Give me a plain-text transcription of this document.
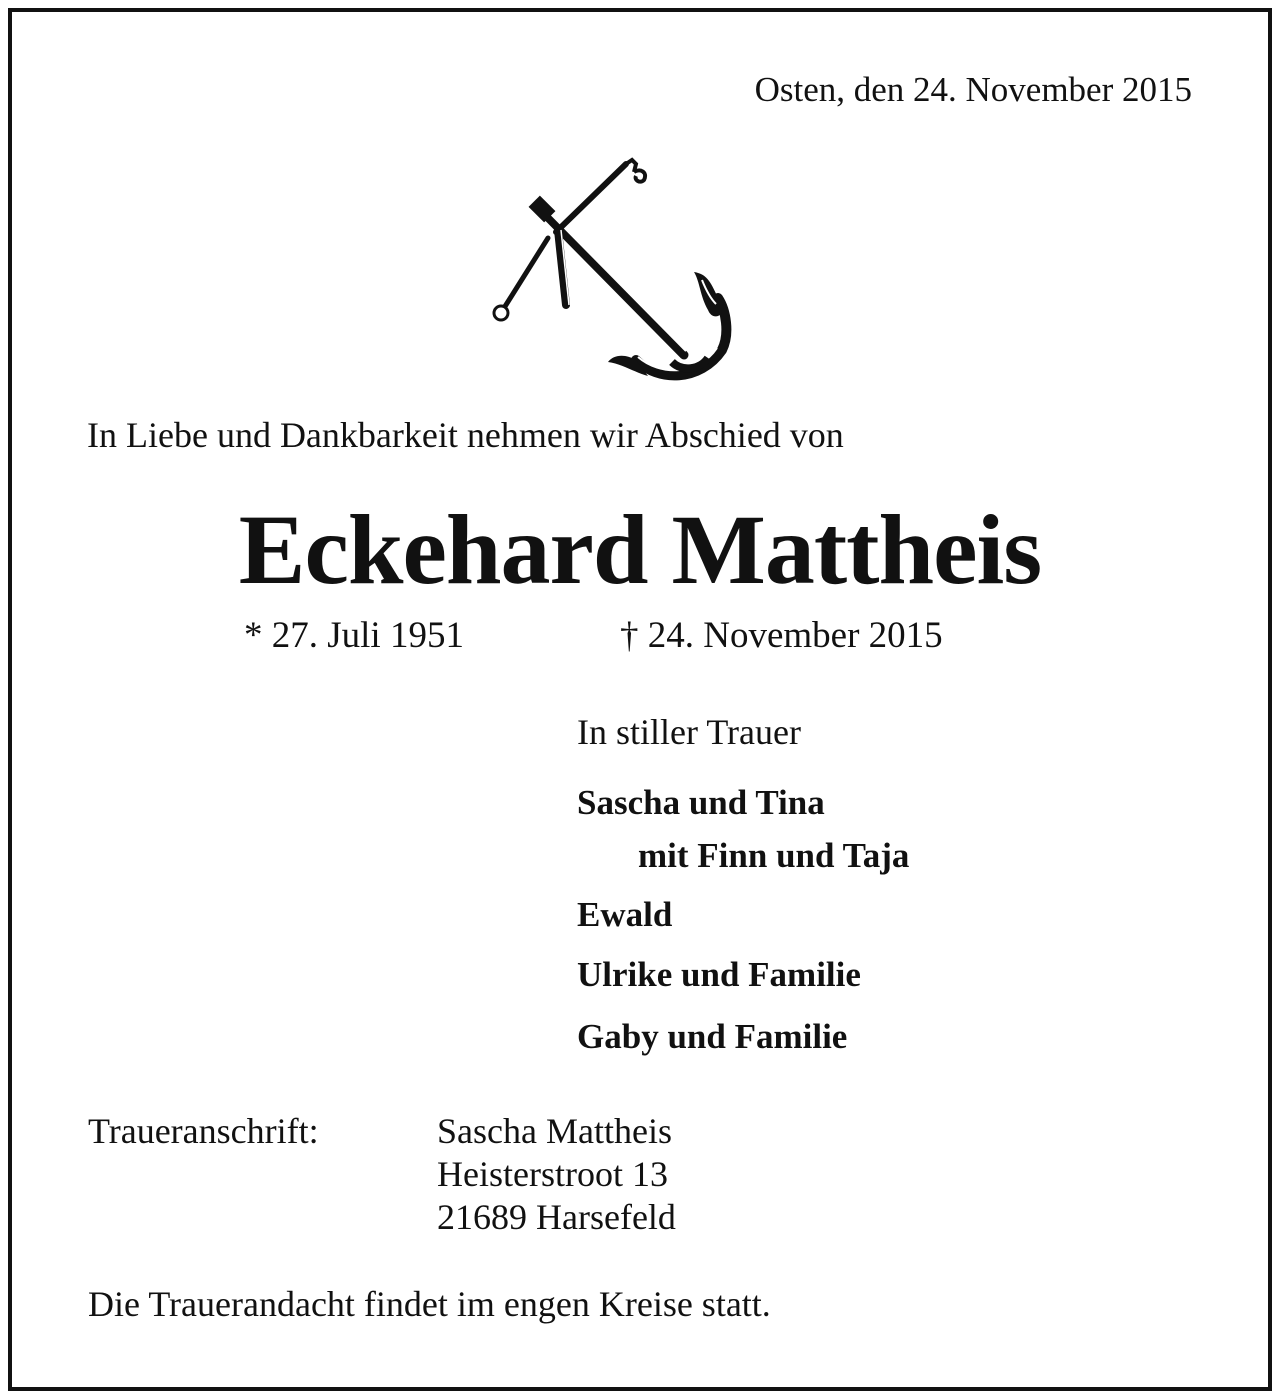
Osten, den 24. November 2015
In Liebe und Dankbarkeit nehmen wir Abschied von
Eckehard Mattheis
* 27. Juli 1951	† 24. November 2015
In stiller Trauer
Sascha und Tina
mit Finn und Taja
Ewald
Ulrike und Familie
Gaby und Familie
Traueranschrift:	Sascha Mattheis
Heisterstroot 13
21689 Harsefeld
Die Trauerandacht findet im engen Kreise statt.
